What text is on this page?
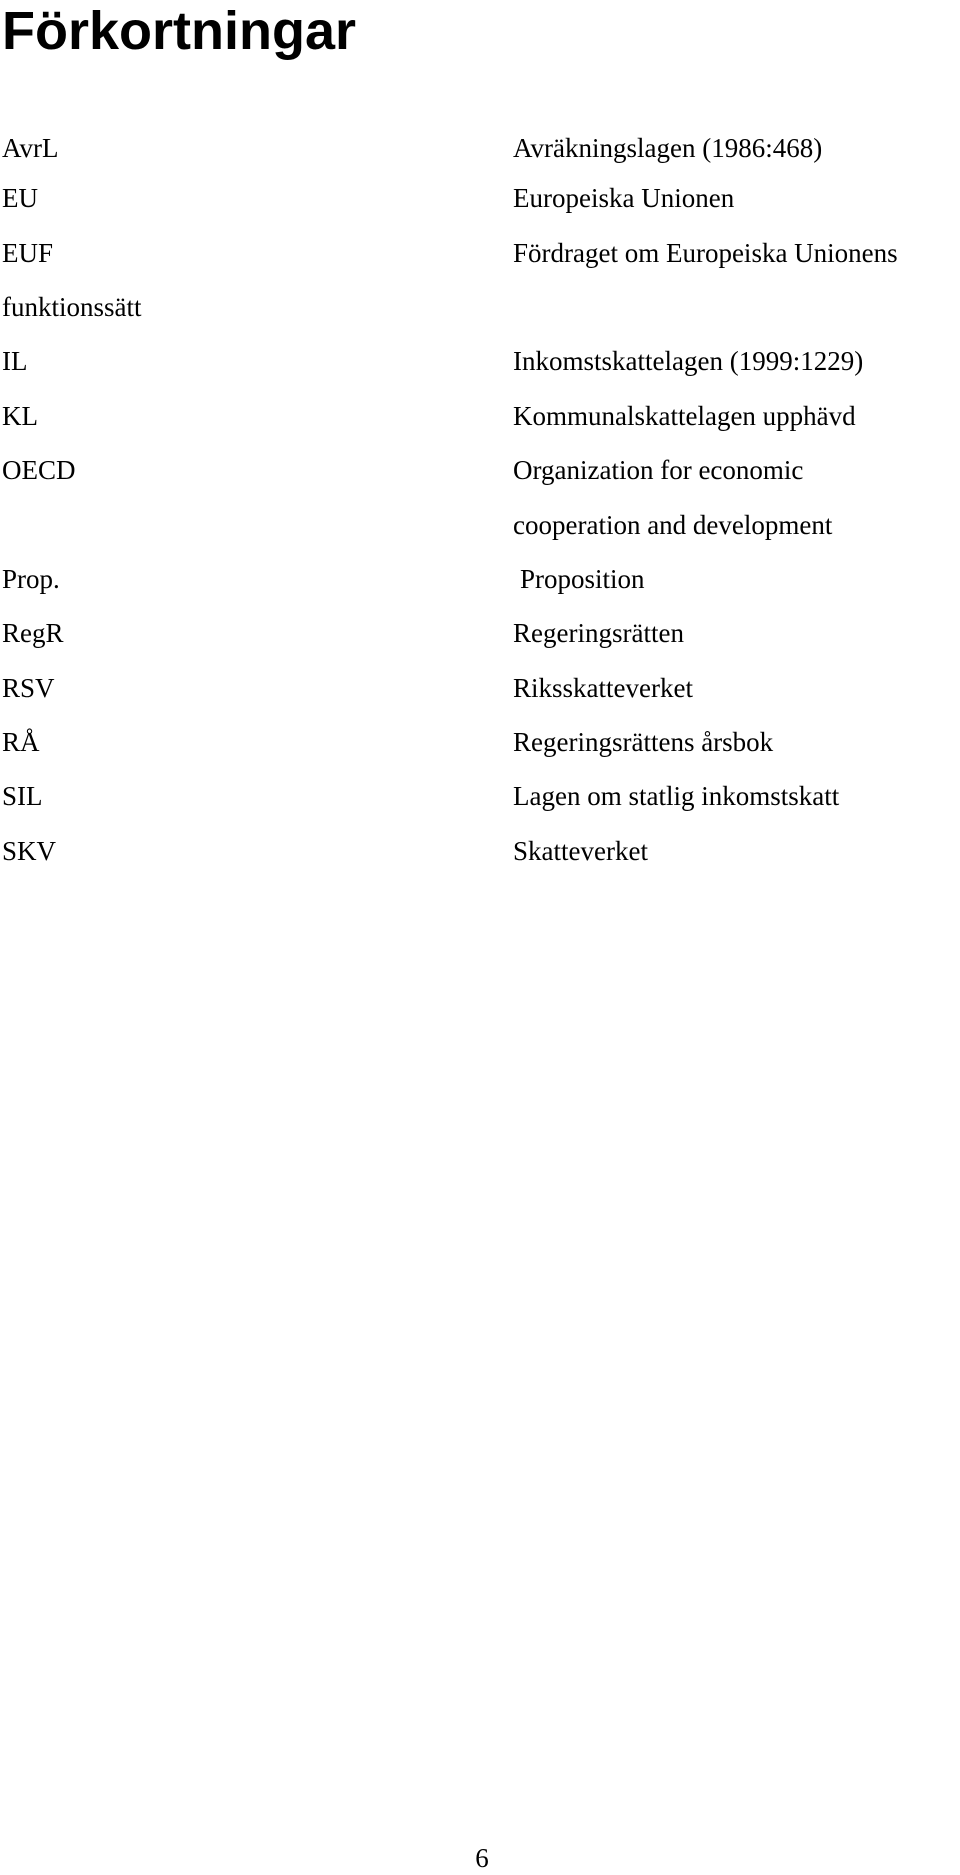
Förkortningar
AvrL	Avräkningslagen (1986:468)
EU	Europeiska Unionen
EUF	Fördraget om Europeiska Unionens
funktionssätt
IL	Inkomstskattelagen (1999:1229)
KL	Kommunalskattelagen upphävd
OECD	Organization for economic
cooperation and development
Prop.	Proposition
RegR	Regeringsrätten
RSV	Riksskatteverket
RÅ	Regeringsrättens årsbok
SIL	Lagen om statlig inkomstskatt
SKV	Skatteverket
6
